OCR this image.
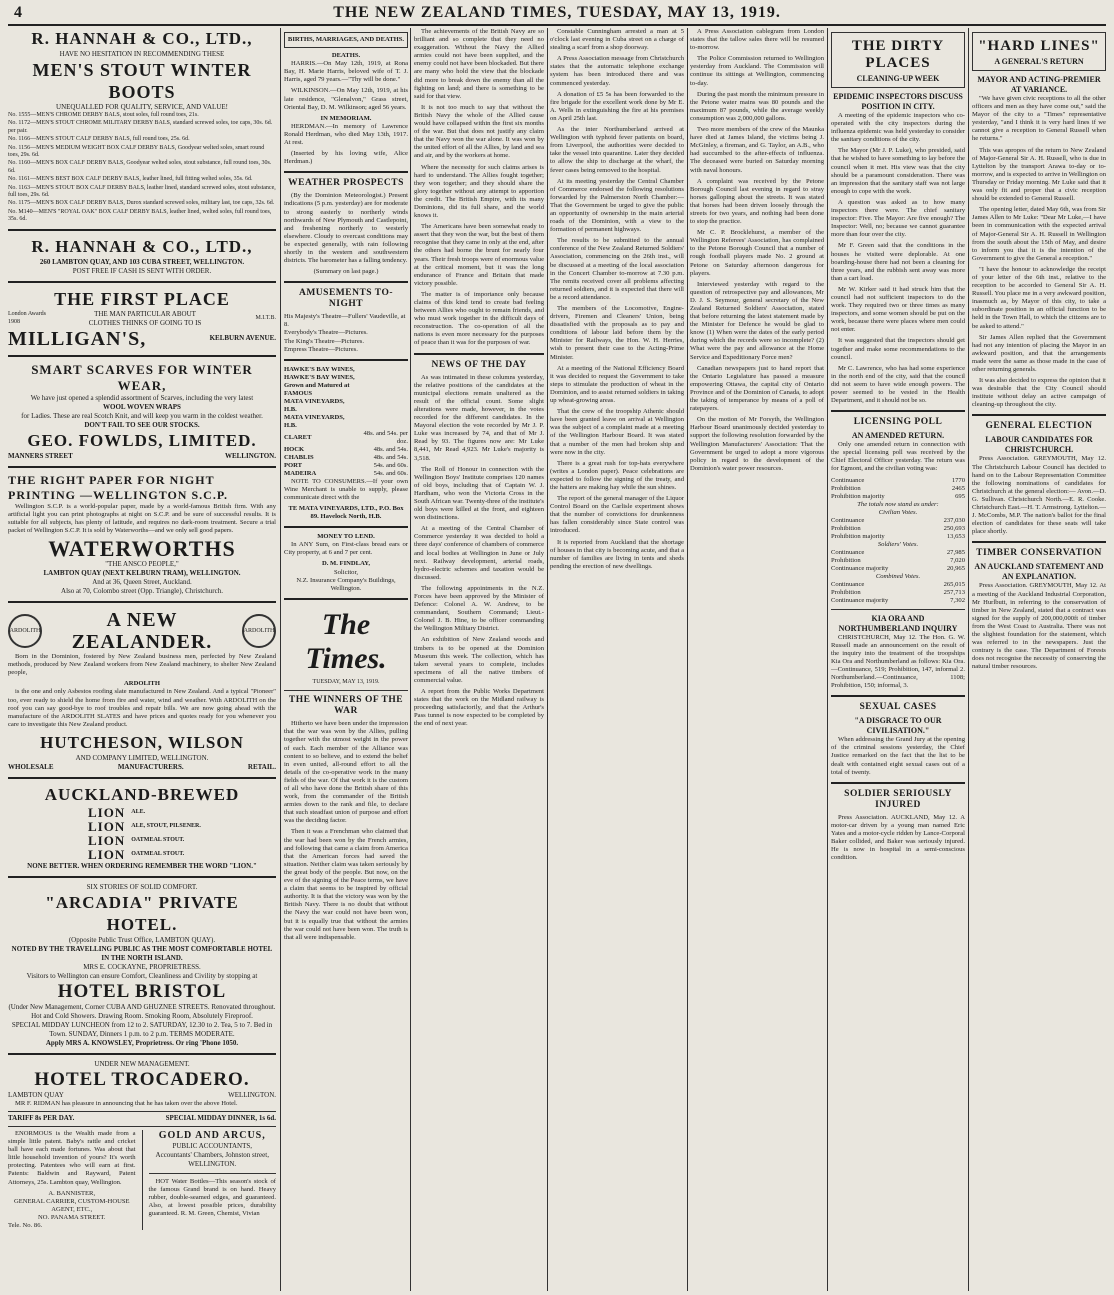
4	THE NEW ZEALAND TIMES, TUESDAY, MAY 13, 1919.
R. HANNAH & CO., LTD.,
HAVE NO HESITATION IN RECOMMENDING THESE
MEN'S STOUT WINTER BOOTS
UNEQUALLED FOR QUALITY, SERVICE, AND VALUE!
No. 1555—MEN'S CHROME DERBY BALS, stout soles, full round toes, 21s.
No. 1172—MEN'S STOUT CHROME MILITARY DERBY BALS, standard screwed soles, toe caps, 30s. 6d. per pair.
No. 1166—MEN'S STOUT CALF DERBY BALS, full round toes, 25s. 6d.
No. 1156—MEN'S MEDIUM WEIGHT BOX CALF DERBY BALS, Goodyear welted soles, smart round toes, 29s. 6d.
No. 1160—MEN'S BOX CALF DERBY BALS, Goodyear welted soles, stout substance, full round toes, 30s. 6d.
No. 1161—MEN'S BEST BOX CALF DERBY BALS, leather lined, full fitting welted soles, 35s. 6d.
No. 1163—MEN'S STOUT BOX CALF DERBY BALS, leather lined, standard screwed soles, stout substance, full toes, 29s. 6d.
No. 1175—MEN'S BOX CALF DERBY BALS, Durox standard screwed soles, military last, toe caps, 32s. 6d.
No. M140—MEN'S "ROYAL OAK" BOX CALF DERBY BALS, leather lined, welted soles, full round toes, 35s. 6d.
R. HANNAH & CO., LTD.,
260 LAMBTON QUAY, AND 103 CUBA STREET, WELLINGTON.
POST FREE IF CASH IS SENT WITH ORDER.
THE FIRST PLACE
London Awards 1908
THE MAN PARTICULAR ABOUT
CLOTHES THINKS OF GOING TO IS
M.I.T.B.
MILLIGAN'S,	KELBURN AVENUE.
SMART SCARVES FOR WINTER WEAR,
We have just opened a splendid assortment of Scarves, including the very latest
WOOL WOVEN WRAPS
for Ladies. These are real Scotch Knit, and will keep you warm in the coldest weather.
DON'T FAIL TO SEE OUR STOCKS.
GEO. FOWLDS, LIMITED.
MANNERS STREET	WELLINGTON.
THE RIGHT PAPER FOR NIGHT PRINTING —WELLINGTON S.C.P.

Wellington S.C.P. is a world-popular paper, made by a world-famous British firm. With any artificial light you can print photographs at night on S.C.P. and be sure of successful results. It is suitable for all subjects, has plenty of latitude, and requires no dark-room treatment. Secure a trial packet of Wellington S.C.P. It is sold by Waterworths—and we only sell good papers.

WATERWORTHS
"THE ANSCO PEOPLE,"
LAMBTON QUAY (NEXT KELBURN TRAM), WELLINGTON.
And at 36, Queen Street, Auckland.
Also at 70, Colombo street (Opp. Triangle), Christchurch.
ARDOLITH	A NEW
ZEALANDER.
ARDOLITH

Born in the Dominion, fostered by New Zealand business men, perfected by New Zealand methods, produced by New Zealand workers from New Zealand machinery, to shelter New Zealand people,

ARDOLITH

is the one and only Asbestos roofing slate manufactured in New Zealand. And a typical "Pioneer" too, ever ready to shield the home from fire and water, wind and weather. With ARDOLITH on the roof you can say good-bye to roof troubles and repair bills. We are now going ahead with the manufacture of the ARDOLITH SLATES and have prices and quotes ready for you whenever you care to investigate this New Zealand product.

HUTCHESON, WILSON
AND COMPANY LIMITED, WELLINGTON.
WHOLESALE	MANUFACTURERS.	RETAIL.
AUCKLAND-BREWED
LION ALE.
LION ALE, STOUT, PILSENER.
LION OATMEAL STOUT.
LION OATMEAL STOUT.
NONE BETTER. WHEN ORDERING REMEMBER THE WORD "LION."
SIX STORIES OF SOLID COMFORT.
"ARCADIA" PRIVATE HOTEL.
(Opposite Public Trust Office, LAMBTON QUAY).
NOTED BY THE TRAVELLING PUBLIC AS THE MOST COMFORTABLE HOTEL IN THE NORTH ISLAND.
MRS E. COCKAYNE, PROPRIETRESS.
Visitors to Wellington can ensure Comfort, Cleanliness and Civility by stopping at
HOTEL BRISTOL
(Under New Management, Corner CUBA AND GHUZNEE STREETS. Renovated throughout. Hot and Cold Showers. Drawing Room. Smoking Room, Absolutely Fireproof.
SPECIAL MIDDAY LUNCHEON from 12 to 2. SATURDAY, 12.30 to 2. Tea, 5 to 7. Bed in Town. SUNDAY, Dinners 1 p.m. to 2 p.m. TERMS MODERATE.
Apply MRS A. KNOWSLEY, Proprietress. Or ring 'Phone 1050.
UNDER NEW MANAGEMENT.
HOTEL TROCADERO.
LAMBTON QUAY	WELLINGTON.

MR F. RIDMAN has pleasure in announcing that he has taken over the above Hotel.

TARIFF 8s PER DAY.	SPECIAL MIDDAY DINNER, 1s 6d.

ENORMOUS is the Wealth made from a simple little patent. Baby's rattle and cricket ball have each made fortunes. Was about that little household invention of yours? It's worth protecting. Patentees who will earn at first. Patents: Baldwin and Rayward, Patent Attorneys, 25s. Lambton quay, Wellington.

A. BANNISTER,
GENERAL CARRIER, CUSTOM-HOUSE AGENT, ETC.,
NO. PANAMA STREET.
Tele. No. 86.
GOLD AND ARCUS,
PUBLIC ACCOUNTANTS,
Accountants' Chambers, Johnston street, WELLINGTON.

HOT Water Bottles—This season's stock of the famous Grand brand is on hand. Heavy rubber, double-seamed edges, and guaranteed. Also, at lowest possible prices, durability guaranteed. R. M. Green, Chemist, Vivian

BIRTHS, MARRIAGES, AND DEATHS.
DEATHS.

HARRIS.—On May 12th, 1919, at Rona Bay, H. Marie Harris, beloved wife of T. J. Harris, aged 79 years.—"Thy will be done."

WILKINSON.—On May 12th, 1919, at his late residence, "Glenalvon," Grass street, Oriental Bay, D. M. Wilkinson; aged 56 years.

IN MEMORIAM.

HERDMAN.—In memory of Lawrence Ronald Herdman, who died May 13th, 1917. At rest.

(Inserted by his loving wife, Alice Herdman.)

WEATHER PROSPECTS

(By the Dominion Meteorologist.) Present indications (5 p.m. yesterday) are for moderate to strong easterly to northerly winds northwards of New Plymouth and Castlepoint, and freshening northerly to westerly elsewhere. Cloudy to overcast conditions may be expected generally, with rain following shortly in the western and southwestern districts. The barometer has a falling tendency.

(Summary on last page.)
AMUSEMENTS TO-NIGHT
His Majesty's Theatre—Fullers' Vaudeville, at 8.
Everybody's Theatre—Pictures.
The King's Theatre—Pictures.
Empress Theatre—Pictures.
HAWKE'S BAY WINES,	
HAWKE'S BAY WINES,	
Grown and Matured at	
FAMOUS	
MATA VINEYARDS, H.B.	
MATA VINEYARDS, H.B.	
CLARET	48s. and 54s. per doz.
HOCK	48s. and 54s.
CHABLIS	48s. and 54s.
PORT	54s. and 60s.
MADEIRA	54s. and 60s.

NOTE TO CONSUMERS.—If your own Wine Merchant is unable to supply, please communicate direct with the

TE MATA VINEYARDS, LTD., P.O. Box 89. Havelock North, H.B.
MONEY TO LEND.

In ANY Sum, on First-class bread ears or City property, at 6 and 7 per cent.

D. M. FINDLAY,
Solicitor,
N.Z. Insurance Company's Buildings, Wellington.
The Times.
TUESDAY, MAY 13, 1919.
THE WINNERS OF THE WAR

Hitherto we have been under the impression that the war was won by the Allies, pulling together with the utmost weight in the power of each. Each member of the Alliance was content to so believe, and to extend the belief in even united, all-round effort to all the details of the co-operative work in the many fields of the war. Of that work it is the custom of all who have done the British share of this work, from the commander of the British armies down to the rank and file, to declare that such steadfast union of purpose and effort was the deciding factor.

Then it was a Frenchman who claimed that the war had been won by the French armies, and following that came a claim from America that the American forces had saved the situation. Neither claim was taken seriously by the great body of the people. But now, on the eve of the signing of the Peace terms, we have a claim that seems to be inspired by official authority. It is that the victory was won by the British Navy. There is no doubt that without the Navy the war could not have been won, but it is equally true that without the armies the war could not have been won. The truth is that all were indispensable.

The achievements of the British Navy are so brilliant and so complete that they need no exaggeration. Without the Navy the Allied armies could not have been supplied, and the enemy could not have been blockaded. But there are many who hold the view that the blockade did more to break down the enemy than all the fighting on land; and there is something to be said for that view.

It is not too much to say that without the British Navy the whole of the Allied cause would have collapsed within the first six months of the war. But that does not justify any claim that the Navy won the war alone. It was won by the united effort of all the Allies, by land and sea and air, and by the workers at home.

Where the necessity for such claims arises is hard to understand. The Allies fought together; they won together; and they should share the glory together without any attempt to apportion the credit. The British Empire, with its many Dominions, did its full share, and the world knows it.

The Americans have been somewhat ready to assert that they won the war, but the best of them recognise that they came in only at the end, after the others had borne the brunt for nearly four years. Their fresh troops were of enormous value at the critical moment, but it was the long endurance of France and Britain that made victory possible.

The matter is of importance only because claims of this kind tend to create bad feeling between Allies who ought to remain friends, and who must work together in the difficult days of reconstruction. The co-operation of all the nations is even more necessary for the purposes of peace than it was for the purposes of war.

NEWS OF THE DAY

As was intimated in these columns yesterday, the relative positions of the candidates at the municipal elections remain unaltered as the result of the official count. Some slight alterations were made, however, in the votes recorded for the different candidates. In the Mayoral election the vote recorded by Mr J. P. Luke was increased by 74, and that of Mr J. Read by 93. The figures now are: Mr Luke 8,441, Mr Read 4,923. Mr Luke's majority is 3,518.

The Roll of Honour in connection with the Wellington Boys' Institute comprises 120 names of old boys, including that of Captain W. J. Hardham, who won the Victoria Cross in the South African war. Twenty-three of the institute's old boys were killed at the front, and eighteen won distinctions.

At a meeting of the Central Chamber of Commerce yesterday it was decided to hold a three days' conference of chambers of commerce and local bodies at Wellington in June or July next. Railway development, arterial roads, hydro-electric schemes and taxation would be discussed.

The following appointments in the N.Z. Forces have been approved by the Minister of Defence: Colonel A. W. Andrew, to be commandant, Southern Command; Lieut.-Colonel J. B. Hine, to be officer commanding the Wellington Military District.

An exhibition of New Zealand woods and timbers is to be opened at the Dominion Museum this week. The collection, which has taken several years to complete, includes specimens of all the native timbers of commercial value.

A report from the Public Works Department states that the work on the Midland railway is proceeding satisfactorily, and that the Arthur's Pass tunnel is now expected to be completed by the end of next year.

Constable Cunningham arrested a man at 5 o'clock last evening in Cuba street on a charge of stealing a scarf from a shop doorway.

A Press Association message from Christchurch states that the automatic telephone exchange system has been introduced there and was commenced yesterday.

A donation of £5 5s has been forwarded to the fire brigade for the excellent work done by Mr E. A. Wells in extinguishing the fire at his premises on April 25th last.

As the inter Northumberland arrived at Wellington with typhoid fever patients on board, from Liverpool, the authorities were decided to take the vessel into quarantine. Later they decided to allow the ship to discharge at the wharf, the fever cases being removed to the hospital.

At its meeting yesterday the Central Chamber of Commerce endorsed the following resolutions forwarded by the Palmerston North Chamber:—That the Government be urged to give the public an opportunity of ownership in the main arterial roads of the Dominion, with a view to the formation of permanent highways.

The results to be submitted to the annual conference of the New Zealand Returned Soldiers' Association, commencing on the 26th inst., will be discussed at a meeting of the local association in the Concert Chamber to-morrow at 7.30 p.m. The remits received cover all problems affecting returned soldiers, and it is expected that there will be a record attendance.

The members of the Locomotive, Engine-drivers, Firemen and Cleaners' Union, being dissatisfied with the proposals as to pay and conditions of labour laid before them by the Minister for Railways, the Hon. W. H. Herries, wish to present their case to the Acting-Prime Minister.

At a meeting of the National Efficiency Board it was decided to request the Government to take steps to stimulate the production of wheat in the Dominion, and to assist returned soldiers in taking up wheat-growing areas.

That the crew of the troopship Athenic should have been granted leave on arrival at Wellington was the subject of a complaint made at a meeting of the Wellington Harbour Board. It was stated that a number of the men had broken ship and were now in the city.

There is a great rush for top-hats everywhere (writes a London paper). Peace celebrations are expected to follow the signing of the treaty, and the hatters are making hay while the sun shines.

The report of the general manager of the Liquor Control Board on the Carlisle experiment shows that the number of convictions for drunkenness has fallen considerably since State control was introduced.

It is reported from Auckland that the shortage of houses in that city is becoming acute, and that a number of families are living in tents and sheds pending the erection of new dwellings.

A Press Association cablegram from London states that the tallow sales there will be resumed to-morrow.

The Police Commission returned to Wellington yesterday from Auckland. The Commission will continue its sittings at Wellington, commencing to-day.

During the past month the minimum pressure in the Petone water mains was 80 pounds and the maximum 87 pounds, while the average weekly consumption was 2,000,000 gallons.

Two more members of the crew of the Maunka have died at James Island, the victims being J. McGinley, a fireman, and G. Taylor, an A.B., who had succumbed to the after-effects of influenza. The deceased were buried on Saturday morning with naval honours.

A complaint was received by the Petone Borough Council last evening in regard to stray horses galloping about the streets. It was stated that horses had been driven loosely through the streets for two years, and nothing had been done to stop the practice.

Mr C. P. Brocklehurst, a member of the Wellington Referees' Association, has complained to the Petone Borough Council that a number of rough football players made No. 2 ground at Petone on Saturday afternoon dangerous for players.

Interviewed yesterday with regard to the question of retrospective pay and allowances, Mr D. J. S. Seymour, general secretary of the New Zealand Returned Soldiers' Association, stated that before returning the latest statement made by the Minister for Defence he would be glad to know (1) When were the dates of the early period during which the records were so incomplete? (2) What were the pay and allowance at the Home Service and Expeditionary Force men?

Canadian newspapers just to hand report that the Ontario Legislature has passed a measure empowering Ottawa, the capital city of Ontario Province and of the Dominion of Canada, to adopt the taking of temperance by means of a poll of ratepayers.

On the motion of Mr Forsyth, the Wellington Harbour Board unanimously decided yesterday to support the following resolution forwarded by the Wellington Manufacturers' Association: That the Government be urged to adopt a more vigorous policy in regard to the development of the Dominion's water power resources.

THE DIRTY PLACES
CLEANING-UP WEEK
EPIDEMIC INSPECTORS DISCUSS POSITION IN CITY.

A meeting of the epidemic inspectors who co-operated with the city inspectors during the influenza epidemic was held yesterday to consider the sanitary conditions of the city.

The Mayor (Mr J. P. Luke), who presided, said that he wished to have something to lay before the council when it met. His view was that the city should be a paramount consideration. There was an impression that the sanitary staff was not large enough to cope with the work.

A question was asked as to how many inspectors there were. The chief sanitary inspector: Five. The Mayor: Are five enough? The Inspector: Well, no; because we cannot guarantee more than four over the city.

Mr F. Green said that the conditions in the houses he visited were deplorable. At one boarding-house there had not been a cleaning for three years, and the rubbish sent away was more than a cart load.

Mr W. Kirker said it had struck him that the council had not sufficient inspectors to do the work. They required two or three times as many inspectors, and some women should be put on the work, because there were places where men could not enter.

It was suggested that the inspectors should get together and make some recommendations to the council.

Mr C. Lawrence, who has had some experience in the north end of the city, said that the council did not seem to have wide enough powers. The power seemed to be vested in the Health Department, and it should not be so.

LICENSING POLL
AN AMENDED RETURN.

Only one amended return in connection with the special licensing poll was received by the Chief Electoral Officer yesterday. The return was for Egmont, and the civilian voting was:

Continuance	1770
Prohibition	2465
Prohibition majority	695
The totals now stand as under:	
Civilian Votes.	
Continuance	237,030
Prohibition	250,693
Prohibition majority	13,653
Soldiers' Votes.	
Continuance	27,985
Prohibition	7,020
Continuance majority	20,965
Combined Votes.	
Continuance	265,015
Prohibition	257,713
Continuance majority	7,302
KIA ORA AND NORTHUMBERLAND INQUIRY

CHRISTCHURCH, May 12. The Hon. G. W. Russell made an announcement on the result of the inquiry into the treatment of the troopships Kia Ora and Northumberland as follows: Kia Ora.—Continuance, 519; Prohibition, 147, informal 2. Northumberland.—Continuance, 1108; Prohibition, 150; informal, 3.

SEXUAL CASES
"A DISGRACE TO OUR CIVILISATION."

When addressing the Grand Jury at the opening of the criminal sessions yesterday, the Chief Justice remarked on the fact that the list to be dealt with contained eight sexual cases out of a total of twenty.

SOLDIER SERIOUSLY INJURED

Press Association. AUCKLAND, May 12. A motor-car driven by a young man named Eric Yates and a motor-cycle ridden by Lance-Corporal Baker collided, and Baker was seriously injured. He is now in hospital in a semi-conscious condition.

"HARD LINES"
A GENERAL'S RETURN
MAYOR AND ACTING-PREMIER AT VARIANCE.

"We have given civic receptions to all the other officers and men as they have come out," said the Mayor of the city to a "Times" representative yesterday, "and I think it is very hard lines if we cannot give a reception to General Russell when he returns."

This was apropos of the return to New Zealand of Major-General Sir A. H. Russell, who is due in Lyttelton by the transport Arawa to-day or to-morrow, and is expected to arrive in Wellington on Thursday or Friday morning. Mr Luke said that it was only fit and proper that a civic reception should be extended to General Russell.

The opening letter, dated May 6th, was from Sir James Allen to Mr Luke: "Dear Mr Luke,—I have been in communication with the expected arrival of Major-General Sir A. H. Russell in Wellington from the south about the 15th of May, and desire to inform you that it is the intention of the Government to give the General a reception."

"I have the honour to acknowledge the receipt of your letter of the 6th inst., relative to the reception to be accorded to General Sir A. H. Russell. You place me in a very awkward position, inasmuch as, by Mayor of this city, to take a subordinate position in an official function to be held in the Town Hall, to which the citizens are to be asked to attend."

Sir James Allen replied that the Government had not any intention of placing the Mayor in an awkward position, and that the arrangements made were the same as those made in the case of other returning generals.

It was also decided to express the opinion that it was desirable that the City Council should institute without delay an active campaign of cleaning-up throughout the city.

GENERAL ELECTION
LABOUR CANDIDATES FOR CHRISTCHURCH.

Press Association. GREYMOUTH, May 12. The Christchurch Labour Council has decided to hand on to the Labour Representation Committee the following nominations of candidates for Christchurch at the general election:— Avon.—D. G. Sullivan. Christchurch North.—E. R. Cooke. Christchurch East.—H. T. Armstrong. Lyttelton.—J. McCombs, M.P. The nation's ballot for the final election of candidates for these seats will take place shortly.

TIMBER CONSERVATION
AN AUCKLAND STATEMENT AND AN EXPLANATION.

Press Association. GREYMOUTH, May 12. At a meeting of the Auckland Industrial Corporation, Mr Hurlbutt, in referring to the conservation of timber in New Zealand, stated that a contract was signed for the supply of 200,000,000ft of timber from the West Coast to Australia. There was not the slightest foundation for the statement, which was referred to in the newspapers. Just the contrary is the case. The Department of Forests does not recognise the necessity of conserving the natural timber resources.
